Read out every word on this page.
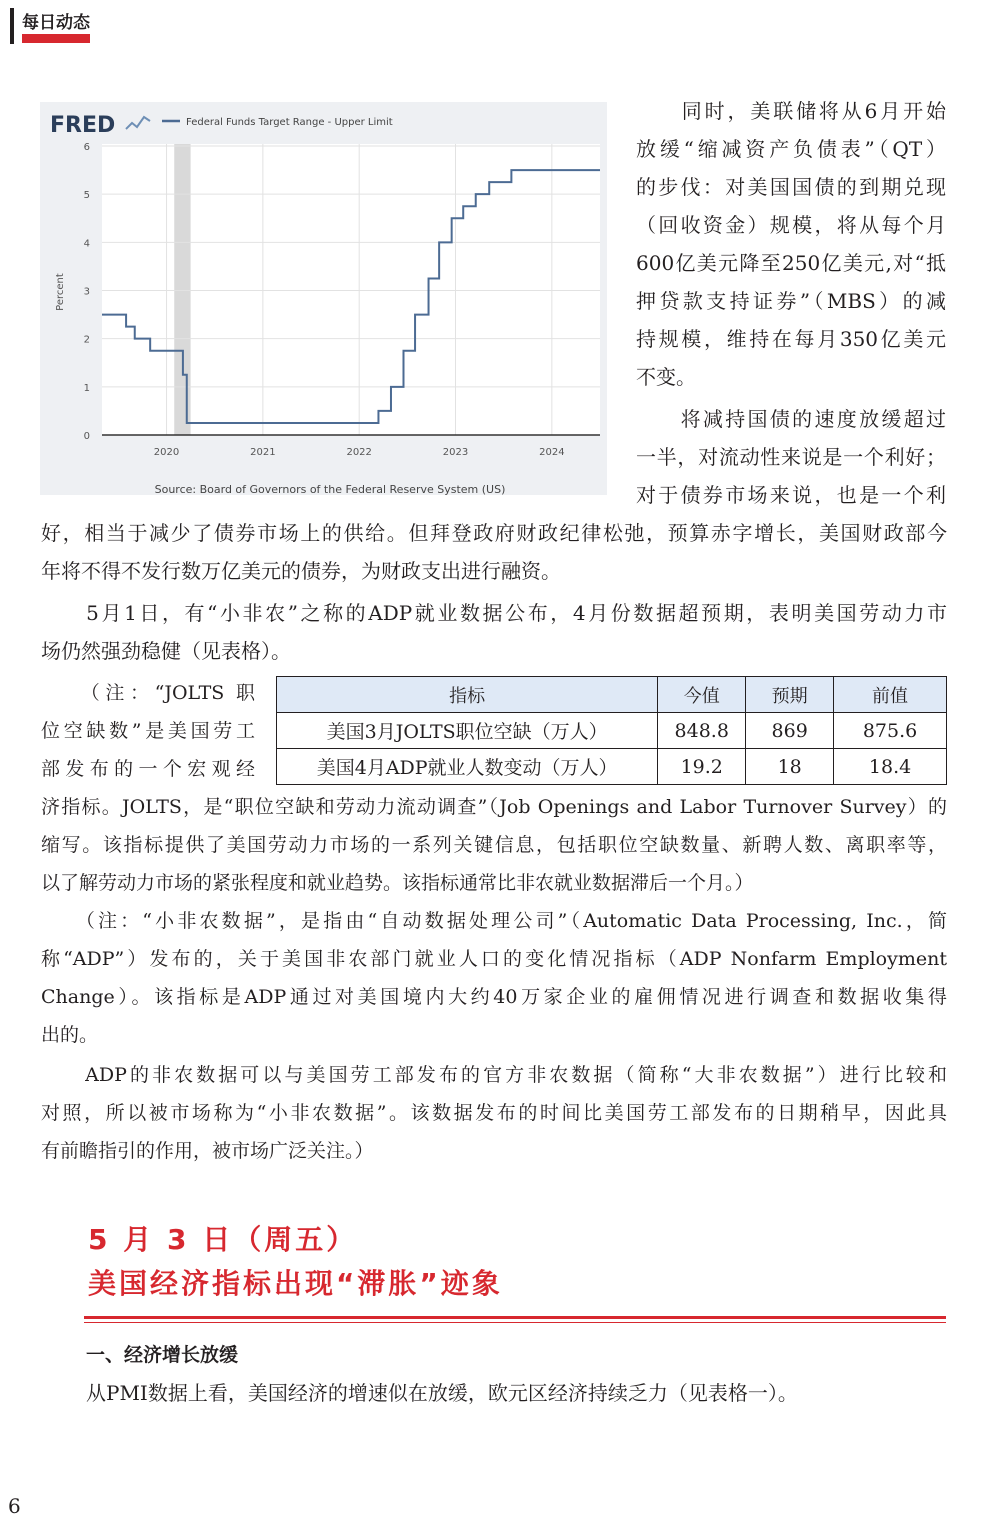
每日动态
FRED	Federal Funds Target Range - Upper Limit
Percent
Source: Board of Governors of the Federal Reserve System (US)
0
1
2
3
4
5
6
2020	2021	2022	2023	2024
　　同时，美联储将从6月开始
放缓“缩减资产负债表”（QT）
的步伐：对美国国债的到期兑现
（回收资金）规模，将从每个月
600亿美元降至250亿美元,对“抵
押贷款支持证券”（MBS）的减
持规模，维持在每月350亿美元
不变。
　　将减持国债的速度放缓超过
一半，对流动性来说是一个利好；
对于债券市场来说，也是一个利
好，相当于减少了债券市场上的供给。但拜登政府财政纪律松弛，预算赤字增长，美国财政部今
年将不得不发行数万亿美元的债券，为财政支出进行融资。
　　5月1日，有“小非农”之称的ADP就业数据公布，4月份数据超预期，表明美国劳动力市
场仍然强劲稳健（见表格）。
　　（注：“JOLTS 职
位空缺数”是美国劳工
部发布的一个宏观经
指标	今值	预期	前值
美国3月JOLTS职位空缺（万人）	848.8	869	875.6
美国4月ADP就业人数变动（万人）	19.2	18	18.4
济指标。JOLTS，是“职位空缺和劳动力流动调查”（Job Openings and Labor Turnover Survey）的
缩写。该指标提供了美国劳动力市场的一系列关键信息，包括职位空缺数量、新聘人数、离职率等，
以了解劳动力市场的紧张程度和就业趋势。该指标通常比非农就业数据滞后一个月。）
　　（注：“小非农数据”，是指由“自动数据处理公司”（Automatic Data Processing, Inc.，简
称“ADP”）发布的，关于美国非农部门就业人口的变化情况指标（ADP Nonfarm Employment
Change）。该指标是ADP通过对美国境内大约40万家企业的雇佣情况进行调查和数据收集得
出的。
　　ADP的非农数据可以与美国劳工部发布的官方非农数据（简称“大非农数据”）进行比较和
对照，所以被市场称为“小非农数据”。该数据发布的时间比美国劳工部发布的日期稍早，因此具
有前瞻指引的作用，被市场广泛关注。）
5 月 3 日（周五）
美国经济指标出现“滞胀”迹象
一、经济增长放缓
从PMI数据上看，美国经济的增速似在放缓，欧元区经济持续乏力（见表格一）。
6
